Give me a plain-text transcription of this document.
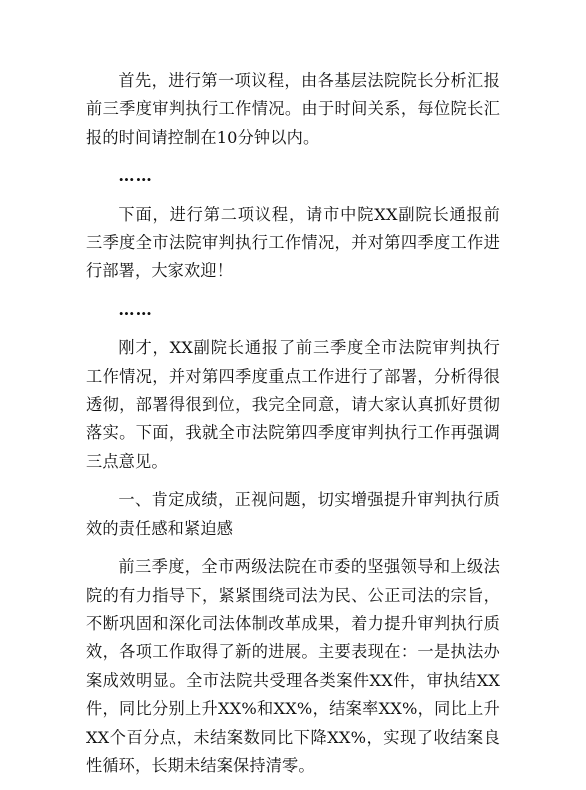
首先，进行第一项议程，由各基层法院院长分析汇报前三季度审判执行工作情况。由于时间关系，每位院长汇报的时间请控制在10分钟以内。

……

下面，进行第二项议程，请市中院XX副院长通报前三季度全市法院审判执行工作情况，并对第四季度工作进行部署，大家欢迎！

……

刚才，XX副院长通报了前三季度全市法院审判执行工作情况，并对第四季度重点工作进行了部署，分析得很透彻，部署得很到位，我完全同意，请大家认真抓好贯彻落实。下面，我就全市法院第四季度审判执行工作再强调三点意见。

一、肯定成绩，正视问题，切实增强提升审判执行质效的责任感和紧迫感

前三季度，全市两级法院在市委的坚强领导和上级法院的有力指导下，紧紧围绕司法为民、公正司法的宗旨，不断巩固和深化司法体制改革成果，着力提升审判执行质效，各项工作取得了新的进展。主要表现在：一是执法办案成效明显。全市法院共受理各类案件XX件，审执结XX件，同比分别上升XX%和XX%，结案率XX%，同比上升XX个百分点，未结案数同比下降XX%，实现了收结案良性循环，长期未结案保持清零。
